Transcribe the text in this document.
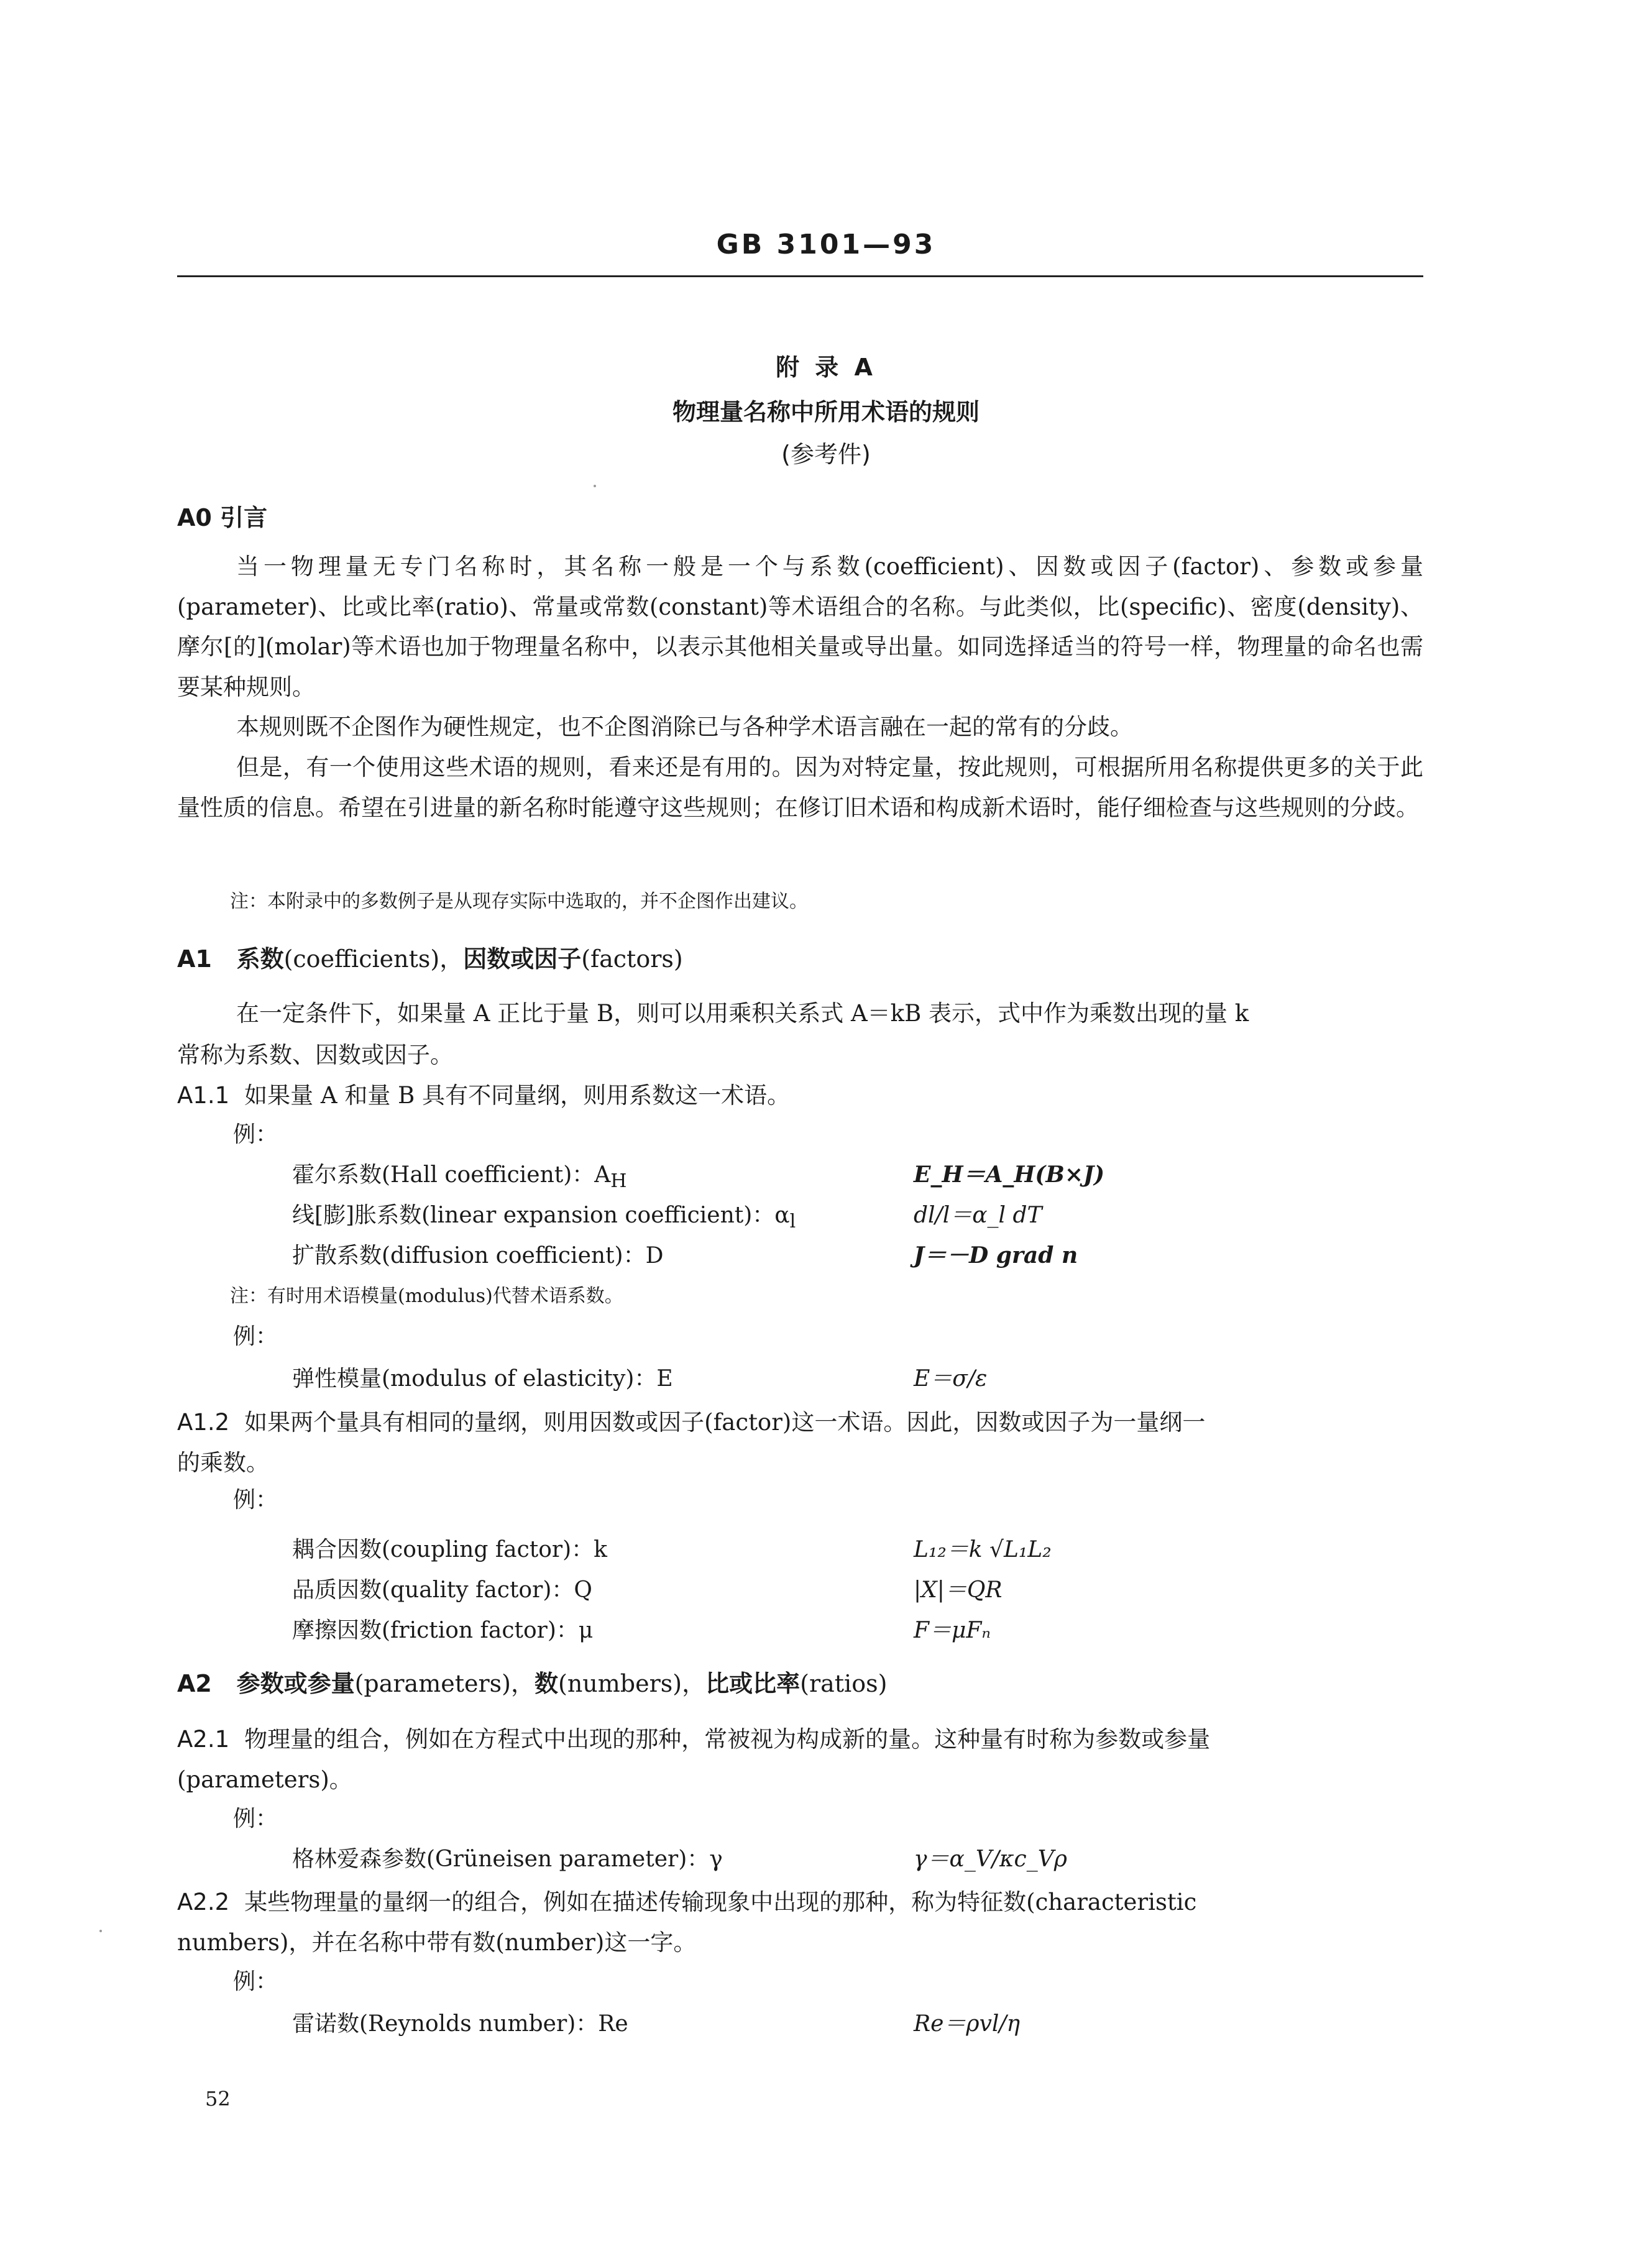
GB 3101—93
附 录 A
物理量名称中所用术语的规则
(参考件)
A0 引言
当一物理量无专门名称时，其名称一般是一个与系数(coefficient)、因数或因子(factor)、参数或参量(parameter)、比或比率(ratio)、常量或常数(constant)等术语组合的名称。与此类似，比(specific)、密度(density)、摩尔[的](molar)等术语也加于物理量名称中，以表示其他相关量或导出量。如同选择适当的符号一样，物理量的命名也需要某种规则。
本规则既不企图作为硬性规定，也不企图消除已与各种学术语言融在一起的常有的分歧。
但是，有一个使用这些术语的规则，看来还是有用的。因为对特定量，按此规则，可根据所用名称提供更多的关于此量性质的信息。希望在引进量的新名称时能遵守这些规则；在修订旧术语和构成新术语时，能仔细检查与这些规则的分歧。
注：本附录中的多数例子是从现存实际中选取的，并不企图作出建议。
A1 系数(coefficients)，因数或因子(factors)
在一定条件下，如果量 A 正比于量 B，则可以用乘积关系式 A＝kB 表示，式中作为乘数出现的量 k
常称为系数、因数或因子。
A1.1 如果量 A 和量 B 具有不同量纲，则用系数这一术语。
例：
霍尔系数(Hall coefficient)：$A_H$	E_H＝A_H(B×J)
线[膨]胀系数(linear expansion coefficient)：$\alpha_l$	dl/l＝α_l dT
扩散系数(diffusion coefficient)：D	J＝－D grad n
注：有时用术语模量(modulus)代替术语系数。
例：
弹性模量(modulus of elasticity)：E	E＝σ/ε
A1.2 如果两个量具有相同的量纲，则用因数或因子(factor)这一术语。因此，因数或因子为一量纲一
的乘数。
例：
耦合因数(coupling factor)：k	L₁₂＝k √L₁L₂
品质因数(quality factor)：Q	|X|＝QR
摩擦因数(friction factor)：μ	F＝μFₙ
A2 参数或参量(parameters)，数(numbers)，比或比率(ratios)
A2.1 物理量的组合，例如在方程式中出现的那种，常被视为构成新的量。这种量有时称为参数或参量
(parameters)。
例：
格林爱森参数(Grüneisen parameter)：γ	γ＝α_V/κc_Vρ
A2.2 某些物理量的量纲一的组合，例如在描述传输现象中出现的那种，称为特征数(characteristic
numbers)，并在名称中带有数(number)这一字。
例：
雷诺数(Reynolds number)：Re	Re＝ρvl/η
52
